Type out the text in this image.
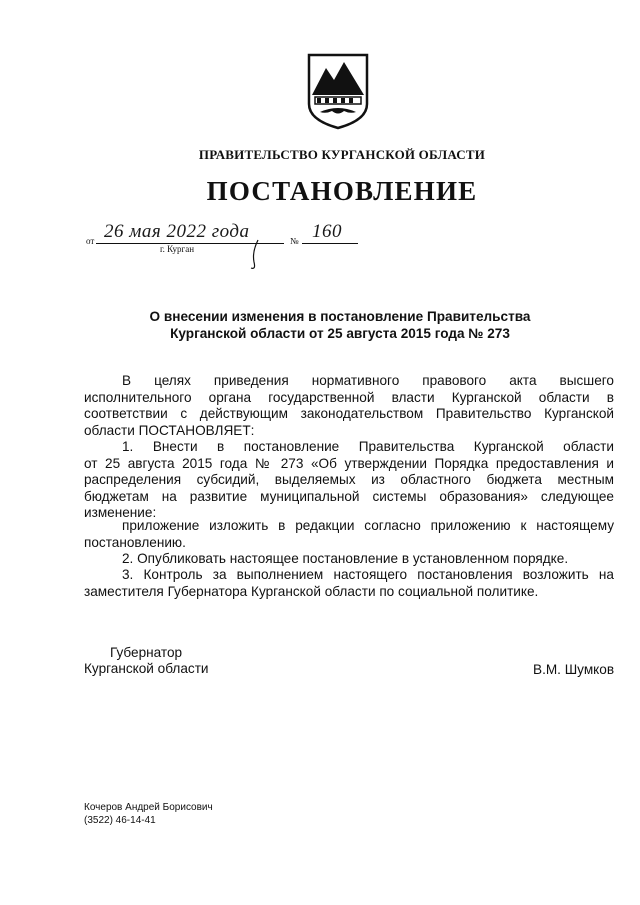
ПРАВИТЕЛЬСТВО КУРГАНСКОЙ ОБЛАСТИ
ПОСТАНОВЛЕНИЕ
от 26 мая 2022 года	№ 160
г. Курган
О внесении изменения в постановление Правительства
Курганской области от 25 августа 2015 года № 273
В целях приведения нормативного правового акта высшего
исполнительного органа государственной власти Курганской области в
соответствии с действующим законодательством Правительство Курганской
области ПОСТАНОВЛЯЕТ:
1. Внести в постановление Правительства Курганской области
от 25 августа 2015 года № 273 «Об утверждении Порядка предоставления и
распределения субсидий, выделяемых из областного бюджета местным
бюджетам на развитие муниципальной системы образования» следующее
изменение:
приложение изложить в редакции согласно приложению к настоящему
постановлению.
2. Опубликовать настоящее постановление в установленном порядке.
3. Контроль за выполнением настоящего постановления возложить на
заместителя Губернатора Курганской области по социальной политике.
Губернатор
Курганской области	В.М. Шумков
Кочеров Андрей Борисович
(3522) 46-14-41
